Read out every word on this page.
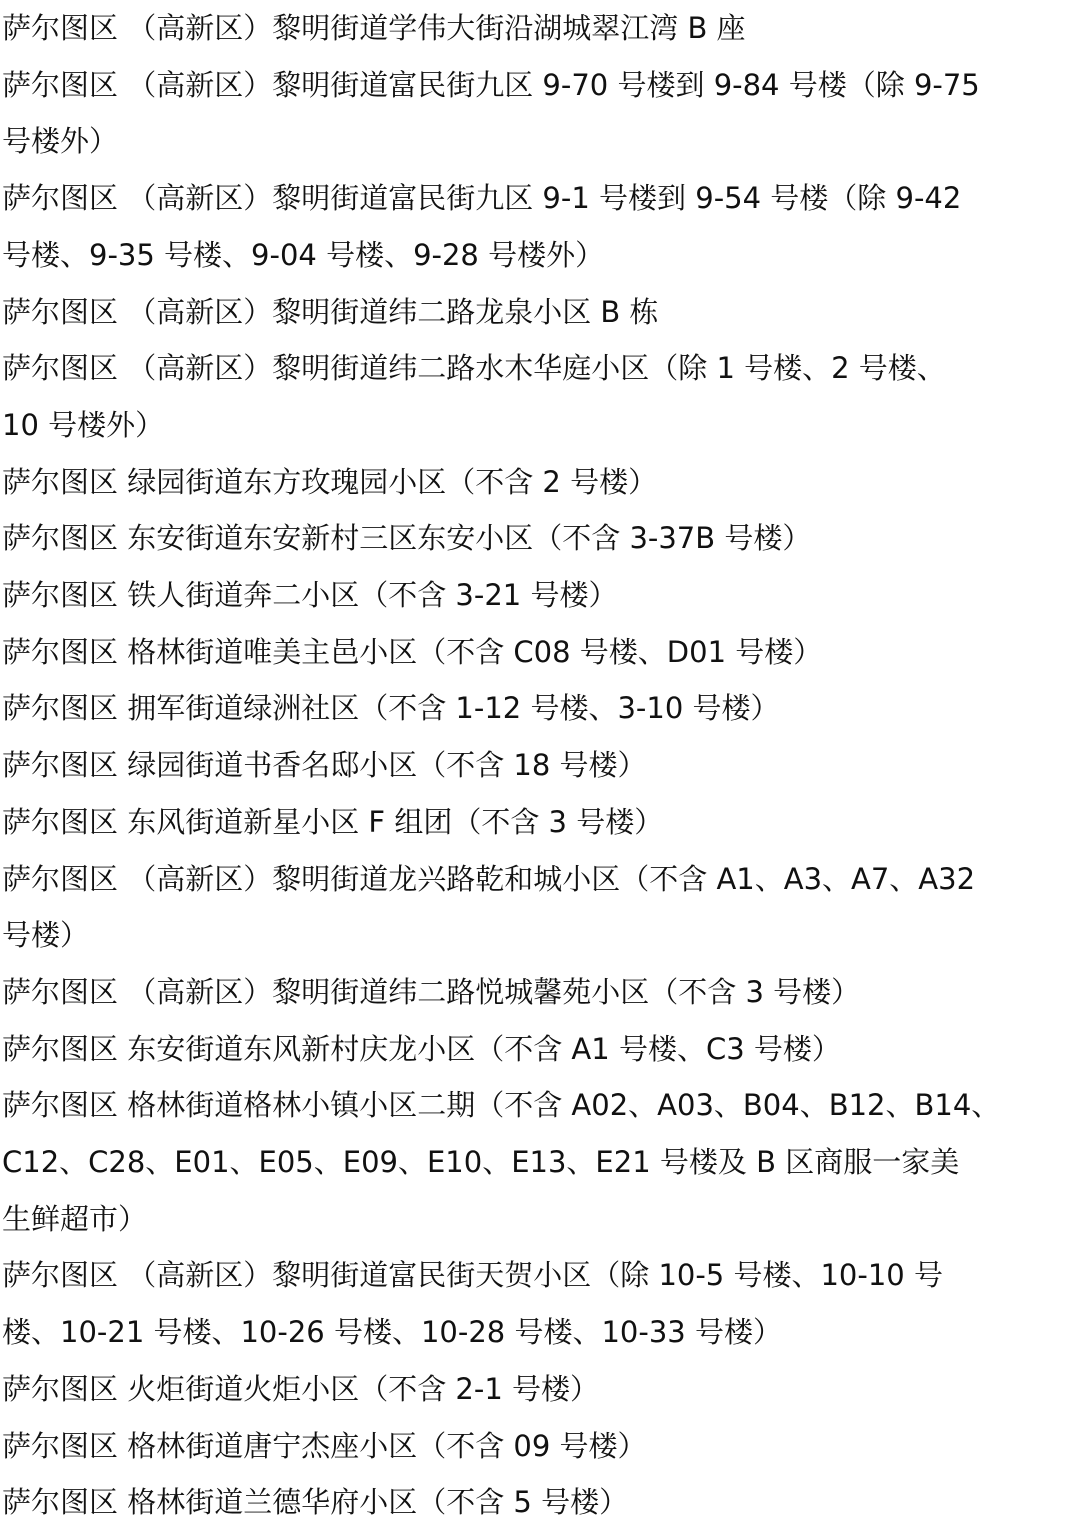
萨尔图区 （高新区）黎明街道学伟大街沿湖城翠江湾 B 座
萨尔图区 （高新区）黎明街道富民街九区 9-70 号楼到 9-84 号楼（除 9-75
号楼外）
萨尔图区 （高新区）黎明街道富民街九区 9-1 号楼到 9-54 号楼（除 9-42
号楼、9-35 号楼、9-04 号楼、9-28 号楼外）
萨尔图区 （高新区）黎明街道纬二路龙泉小区 B 栋
萨尔图区 （高新区）黎明街道纬二路水木华庭小区（除 1 号楼、2 号楼、
10 号楼外）
萨尔图区 绿园街道东方玫瑰园小区（不含 2 号楼）
萨尔图区 东安街道东安新村三区东安小区（不含 3-37B 号楼）
萨尔图区 铁人街道奔二小区（不含 3-21 号楼）
萨尔图区 格林街道唯美主邑小区（不含 C08 号楼、D01 号楼）
萨尔图区 拥军街道绿洲社区（不含 1-12 号楼、3-10 号楼）
萨尔图区 绿园街道书香名邸小区（不含 18 号楼）
萨尔图区 东风街道新星小区 F 组团（不含 3 号楼）
萨尔图区 （高新区）黎明街道龙兴路乾和城小区（不含 A1、A3、A7、A32
号楼）
萨尔图区 （高新区）黎明街道纬二路悦城馨苑小区（不含 3 号楼）
萨尔图区 东安街道东风新村庆龙小区（不含 A1 号楼、C3 号楼）
萨尔图区 格林街道格林小镇小区二期（不含 A02、A03、B04、B12、B14、
C12、C28、E01、E05、E09、E10、E13、E21 号楼及 B 区商服一家美
生鲜超市）
萨尔图区 （高新区）黎明街道富民街天贺小区（除 10-5 号楼、10-10 号
楼、10-21 号楼、10-26 号楼、10-28 号楼、10-33 号楼）
萨尔图区 火炬街道火炬小区（不含 2-1 号楼）
萨尔图区 格林街道唐宁杰座小区（不含 09 号楼）
萨尔图区 格林街道兰德华府小区（不含 5 号楼）
